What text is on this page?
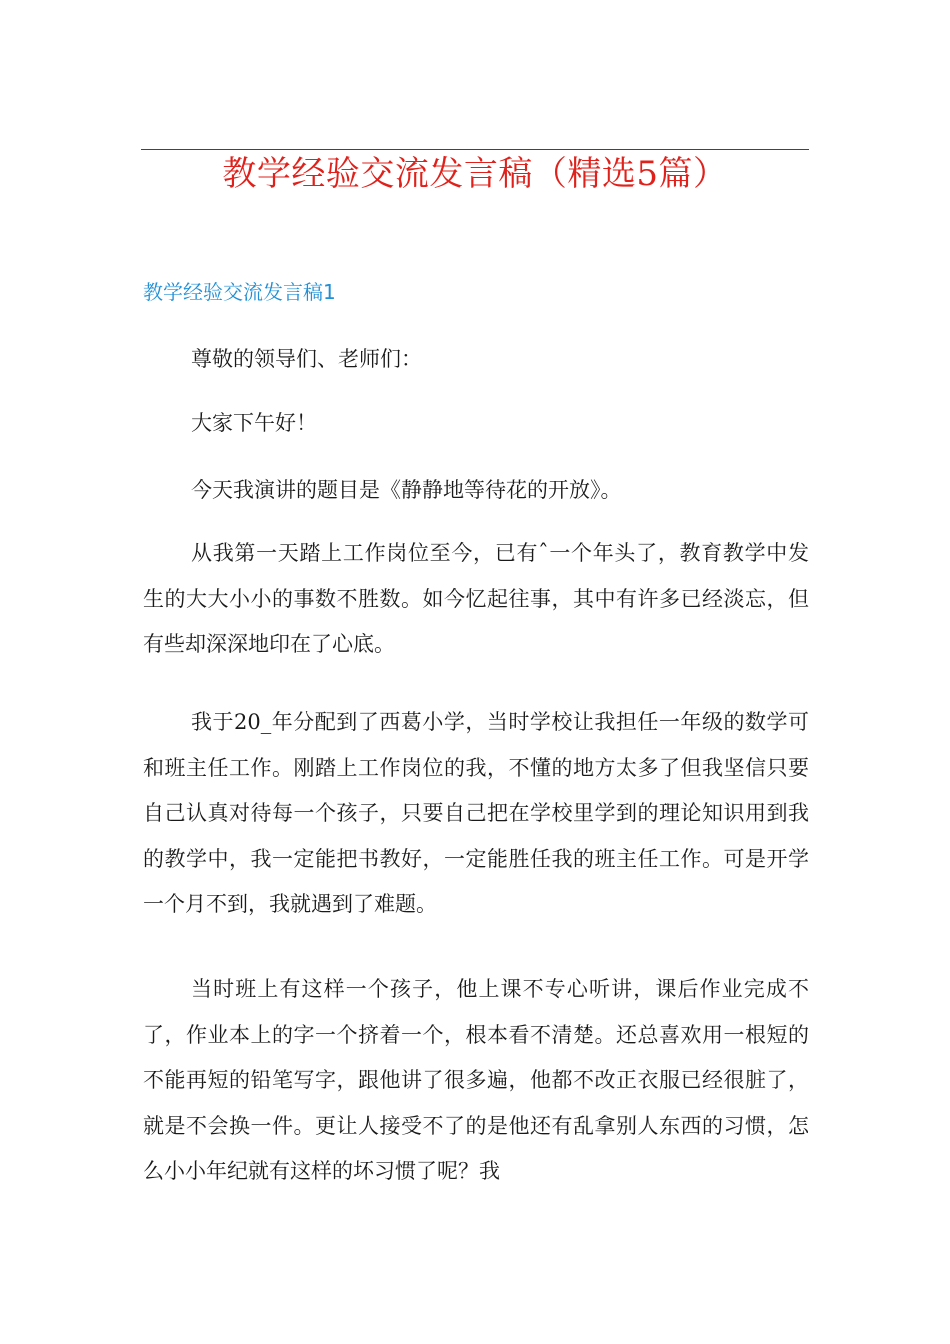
教学经验交流发言稿（精选5篇）
教学经验交流发言稿1

尊敬的领导们、老师们：

大家下午好！

今天我演讲的题目是《静静地等待花的开放》。

从我第一天踏上工作岗位至今，已有ˆ一个年头了，教育教学中发生的大大小小的事数不胜数。如今忆起往事，其中有许多已经淡忘，但有些却深深地印在了心底。

我于20_年分配到了西葛小学，当时学校让我担任一年级的数学可和班主任工作。刚踏上工作岗位的我，不懂的地方太多了但我坚信只要自己认真对待每一个孩子，只要自己把在学校里学到的理论知识用到我的教学中，我一定能把书教好，一定能胜任我的班主任工作。可是开学一个月不到，我就遇到了难题。

当时班上有这样一个孩子，他上课不专心听讲，课后作业完成不了，作业本上的字一个挤着一个，根本看不清楚。还总喜欢用一根短的不能再短的铅笔写字，跟他讲了很多遍，他都不改正衣服已经很脏了，就是不会换一件。更让人接受不了的是他还有乱拿别人东西的习惯，怎么小小年纪就有这样的坏习惯了呢？我
